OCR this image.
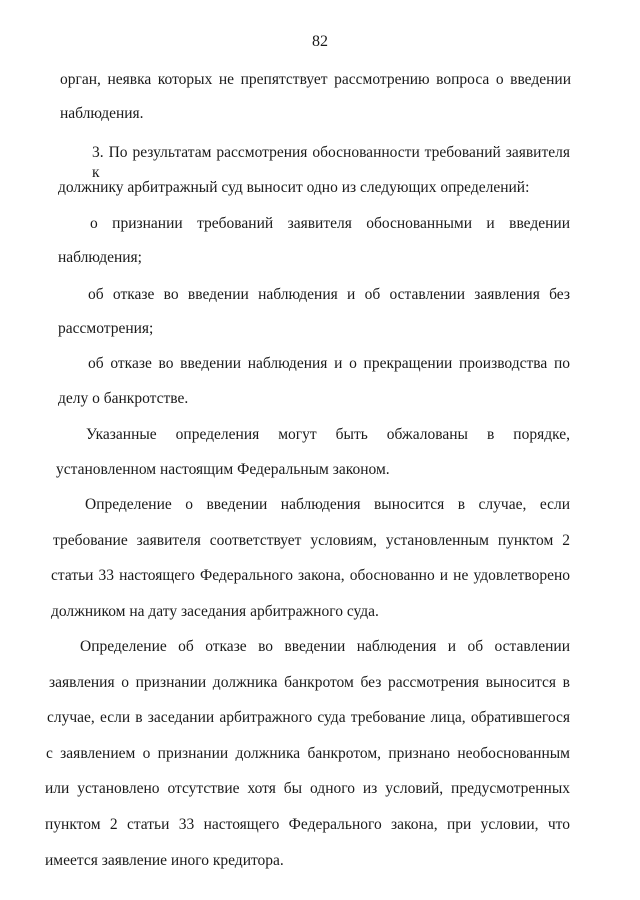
82
орган, неявка которых не препятствует рассмотрению вопроса о введении
наблюдения.
3. По результатам рассмотрения обоснованности требований заявителя к
должнику арбитражный суд выносит одно из следующих определений:
о признании требований заявителя обоснованными и введении
наблюдения;
об отказе во введении наблюдения и об оставлении заявления без
рассмотрения;
об отказе во введении наблюдения и о прекращении производства по
делу о банкротстве.
Указанные определения могут быть обжалованы в порядке,
установленном настоящим Федеральным законом.
Определение о введении наблюдения выносится в случае, если
требование заявителя соответствует условиям, установленным пунктом 2
статьи 33 настоящего Федерального закона, обоснованно и не удовлетворено
должником на дату заседания арбитражного суда.
Определение об отказе во введении наблюдения и об оставлении
заявления о признании должника банкротом без рассмотрения выносится в
случае, если в заседании арбитражного суда требование лица, обратившегося
с заявлением о признании должника банкротом, признано необоснованным
или установлено отсутствие хотя бы одного из условий, предусмотренных
пунктом 2 статьи 33 настоящего Федерального закона, при условии, что
имеется заявление иного кредитора.
